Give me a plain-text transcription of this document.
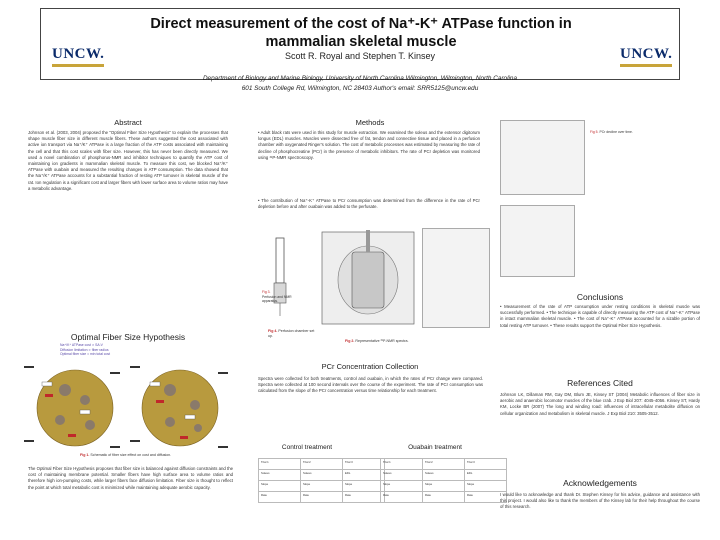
Direct measurement of the cost of Na⁺-K⁺ ATPase function in
mammalian skeletal muscle
UNCW.	UNCW.
Scott R. Royal and Stephen T. Kinsey
Department of Biology and Marine Biology, University of North Carolina Wilmington, Wilmington, North Carolina
601 South College Rd, Wilmington, NC 28403 Author's email: SRR5125@uncw.edu
Abstract
Johnson et al. (2003, 2004) proposed the "Optimal Fiber Size Hypothesis" to explain the processes that shape muscle fiber size in different muscle fibers. These authors suggested the cost associated with active ion transport via Na⁺/K⁺ ATPase is a large fraction of the ATP costs associated with maintaining the cell and that this cost scales with fiber size. However, this has never been directly measured. We used a novel combination of phosphorus-NMR and inhibitor techniques to quantify the ATP cost of maintaining ion gradients in mammalian skeletal muscle. To measure this cost, we blocked Na⁺/K⁺ ATPase with ouabain and measured the resulting changes in ATP consumption. The data showed that the Na⁺/K⁺ ATPase accounts for a substantial fraction of resting ATP turnover in skeletal muscle of the rat. Ion regulation is a significant cost and larger fibers with lower surface area to volume ratios may have a metabolic advantage.
Optimal Fiber Size Hypothesis
Na⁺/K⁺ ATPase cost ∝ SA:V
Diffusion limitation ∝ fiber radius
Optimal fiber size = min total cost
Fig 1. Schematic of fiber size effect on cost and diffusion.
The Optimal Fiber Size Hypothesis proposes that fiber size is balanced against diffusion constraints and the cost of maintaining membrane potential. Smaller fibers have high surface area to volume ratios and therefore high ion-pumping costs, while larger fibers face diffusion limitation. Fiber size is thought to reflect the point at which total metabolic cost is minimized while maintaining adequate aerobic capacity.
Methods
• Adult black rats were used in this study for muscle extraction. We examined the soleus and the extensor digitorum longus (EDL) muscles. Muscles were dissected free of fat, tendon and connective tissue and placed in a perfusion chamber with oxygenated Ringer's solution. The cost of metabolic processes was estimated by measuring the rate of decline of phosphocreatine (PCr) in the presence of metabolic inhibitors. The rate of PCr depletion was monitored using ³¹P-NMR spectroscopy.
• The contribution of Na⁺-K⁺ ATPase to PCr consumption was determined from the difference in the rate of PCr depletion before and after ouabain was added to the perfusate.
Fig 3.
Perfusion and NMR apparatus.
Fig 4. Perfusion chamber set up.
Fig 2. Representative ³¹P-NMR spectra.
PCr Concentration Collection
Spectra were collected for both treatments, control and ouabain, in which the rates of PCr change were compared. Spectra were collected at 100 second intervals over the course of the experiment. The rate of PCr consumption was calculated from the slope of the PCr concentration versus time relationship for each treatment.
Control treatment	Ouabain treatment
Trial 1	Trial 2	Trial 3
Soleus	Soleus	EDL
Slope	Slope	Slope
Rate	Rate	Rate
Trial 1	Trial 2	Trial 3
Soleus	Soleus	EDL
Slope	Slope	Slope
Rate	Rate	Rate
Fig 5. PCr decline over time.
Conclusions
• Measurement of the rate of ATP consumption under resting conditions in skeletal muscle was successfully performed. • The technique is capable of directly measuring the ATP cost of Na⁺-K⁺ ATPase in intact mammalian skeletal muscle. • The cost of Na⁺-K⁺ ATPase accounted for a sizable portion of total resting ATP turnover. • These results support the Optimal Fiber Size Hypothesis.
References Cited
Johnson LK, Dillaman RM, Gay DM, Blum JE, Kinsey ST (2004) Metabolic influences of fiber size in aerobic and anaerobic locomotor muscles of the blue crab. J Exp Biol 207: 4045-4056. Kinsey ST, Hardy KM, Locke BR (2007) The long and winding road: influences of intracellular metabolite diffusion on cellular organization and metabolism in skeletal muscle. J Exp Biol 210: 3505-3512.
Acknowledgements
I would like to acknowledge and thank Dr. Stephen Kinsey for his advice, guidance and assistance with this project. I would also like to thank the members of the Kinsey lab for their help throughout the course of this research.
